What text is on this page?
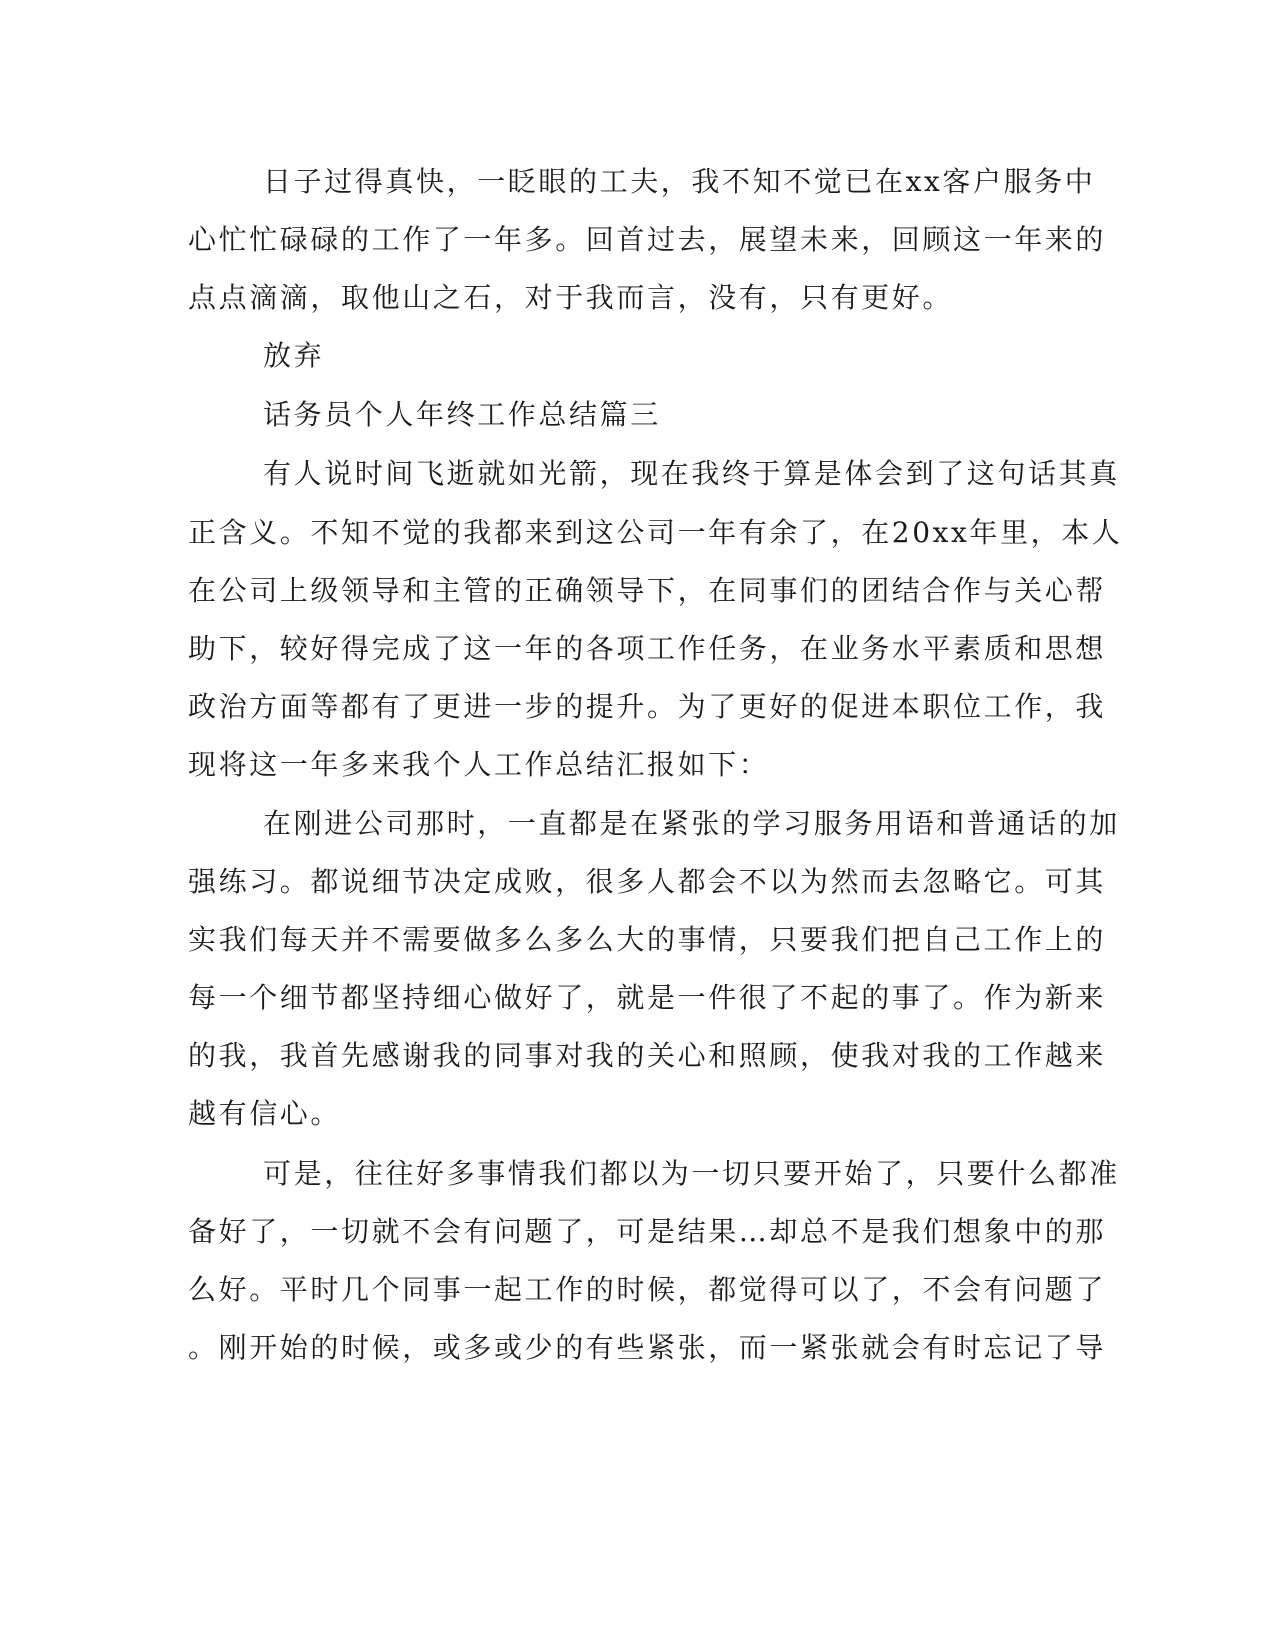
日子过得真快，一眨眼的工夫，我不知不觉已在xx客户服务中
心忙忙碌碌的工作了一年多。回首过去，展望未来，回顾这一年来的
点点滴滴，取他山之石，对于我而言，没有，只有更好。
放弃
话务员个人年终工作总结篇三
有人说时间飞逝就如光箭，现在我终于算是体会到了这句话其真
正含义。不知不觉的我都来到这公司一年有余了，在20xx年里，本人
在公司上级领导和主管的正确领导下，在同事们的团结合作与关心帮
助下，较好得完成了这一年的各项工作任务，在业务水平素质和思想
政治方面等都有了更进一步的提升。为了更好的促进本职位工作，我
现将这一年多来我个人工作总结汇报如下：
在刚进公司那时，一直都是在紧张的学习服务用语和普通话的加
强练习。都说细节决定成败，很多人都会不以为然而去忽略它。可其
实我们每天并不需要做多么多么大的事情，只要我们把自己工作上的
每一个细节都坚持细心做好了，就是一件很了不起的事了。作为新来
的我，我首先感谢我的同事对我的关心和照顾，使我对我的工作越来
越有信心。
可是，往往好多事情我们都以为一切只要开始了，只要什么都准
备好了，一切就不会有问题了，可是结果…却总不是我们想象中的那
么好。平时几个同事一起工作的时候，都觉得可以了，不会有问题了
。刚开始的时候，或多或少的有些紧张，而一紧张就会有时忘记了导
